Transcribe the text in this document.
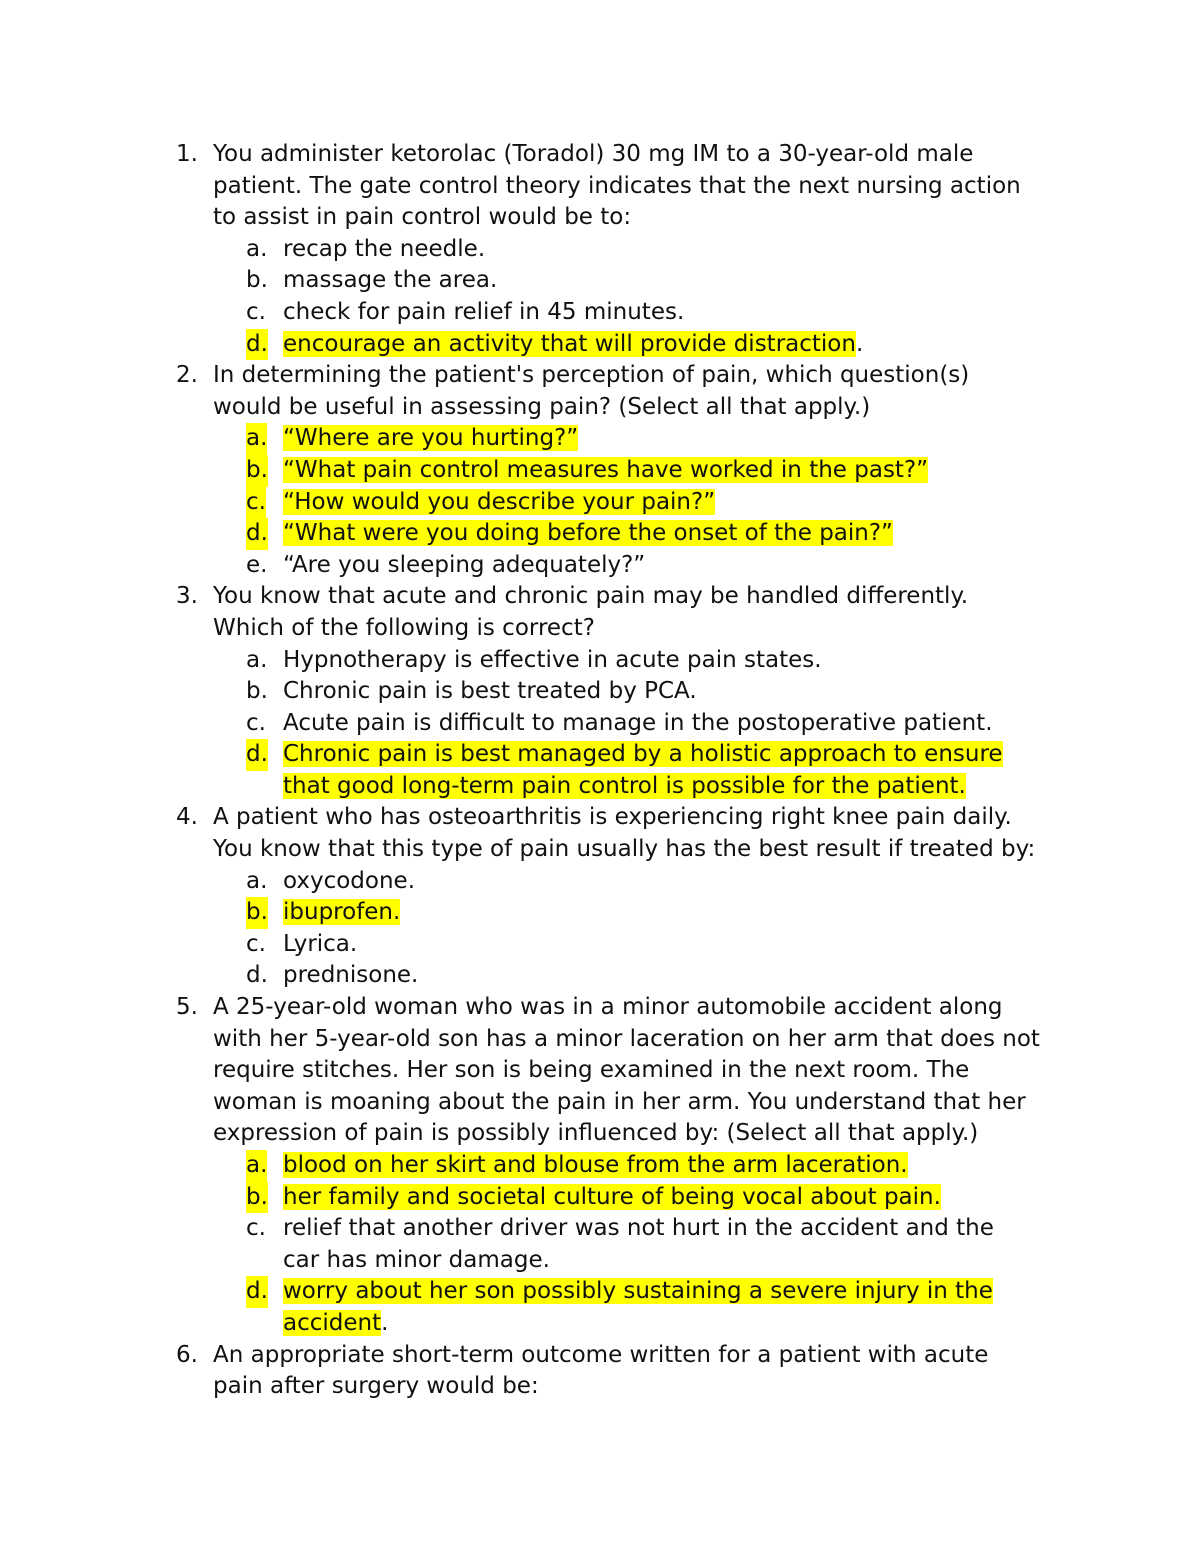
1. You administer ketorolac (Toradol) 30 mg IM to a 30-year-old male
patient. The gate control theory indicates that the next nursing action
to assist in pain control would be to:
a. recap the needle.
b. massage the area.
c. check for pain relief in 45 minutes.
d. encourage an activity that will provide distraction.
2. In determining the patient's perception of pain, which question(s)
would be useful in assessing pain? (Select all that apply.)
a. “Where are you hurting?”
b. “What pain control measures have worked in the past?”
c. “How would you describe your pain?”
d. “What were you doing before the onset of the pain?”
e. “Are you sleeping adequately?”
3. You know that acute and chronic pain may be handled differently.
Which of the following is correct?
a. Hypnotherapy is effective in acute pain states.
b. Chronic pain is best treated by PCA.
c. Acute pain is difficult to manage in the postoperative patient.
d. Chronic pain is best managed by a holistic approach to ensure
that good long-term pain control is possible for the patient.
4. A patient who has osteoarthritis is experiencing right knee pain daily.
You know that this type of pain usually has the best result if treated by:
a. oxycodone.
b. ibuprofen.
c. Lyrica.
d. prednisone.
5. A 25-year-old woman who was in a minor automobile accident along
with her 5-year-old son has a minor laceration on her arm that does not
require stitches. Her son is being examined in the next room. The
woman is moaning about the pain in her arm. You understand that her
expression of pain is possibly influenced by: (Select all that apply.)
a. blood on her skirt and blouse from the arm laceration.
b. her family and societal culture of being vocal about pain.
c. relief that another driver was not hurt in the accident and the
car has minor damage.
d. worry about her son possibly sustaining a severe injury in the
accident.
6. An appropriate short-term outcome written for a patient with acute
pain after surgery would be:
